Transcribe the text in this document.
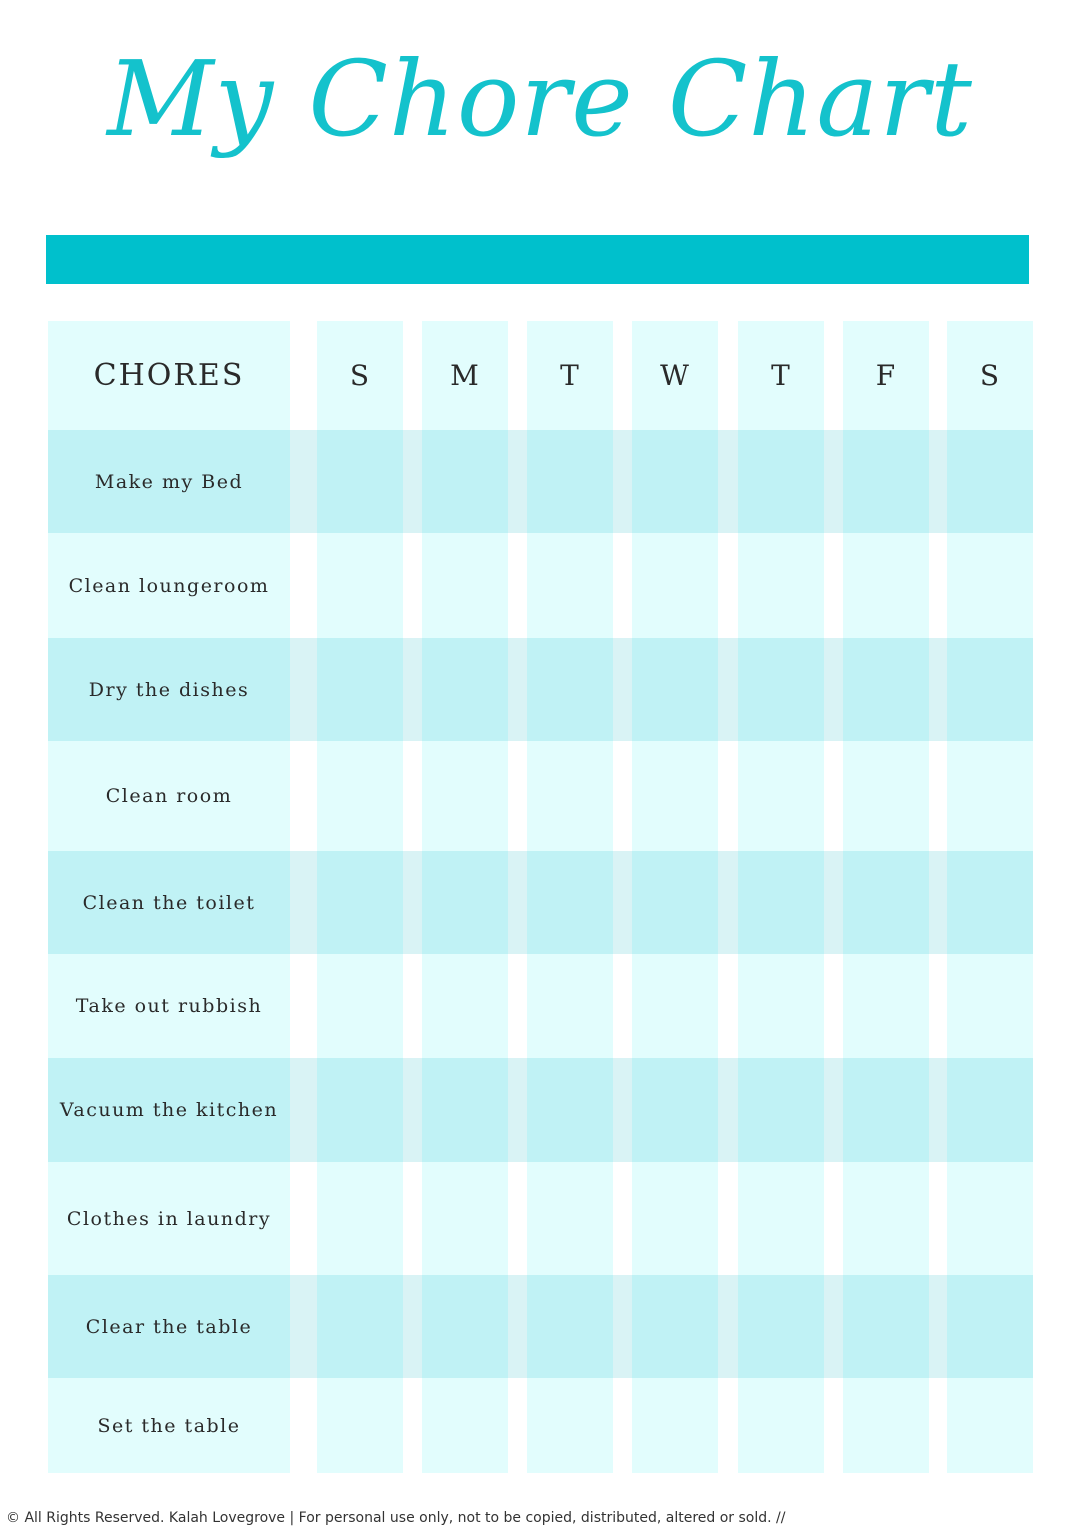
My Chore Chart
CHORES	S	M	T	W	T	F	S
Make my Bed
Clean loungeroom
Dry the dishes
Clean room
Clean the toilet
Take out rubbish
Vacuum the kitchen
Clothes in laundry
Clear the table
Set the table
© All Rights Reserved. Kalah Lovegrove | For personal use only, not to be copied, distributed, altered or sold. //
